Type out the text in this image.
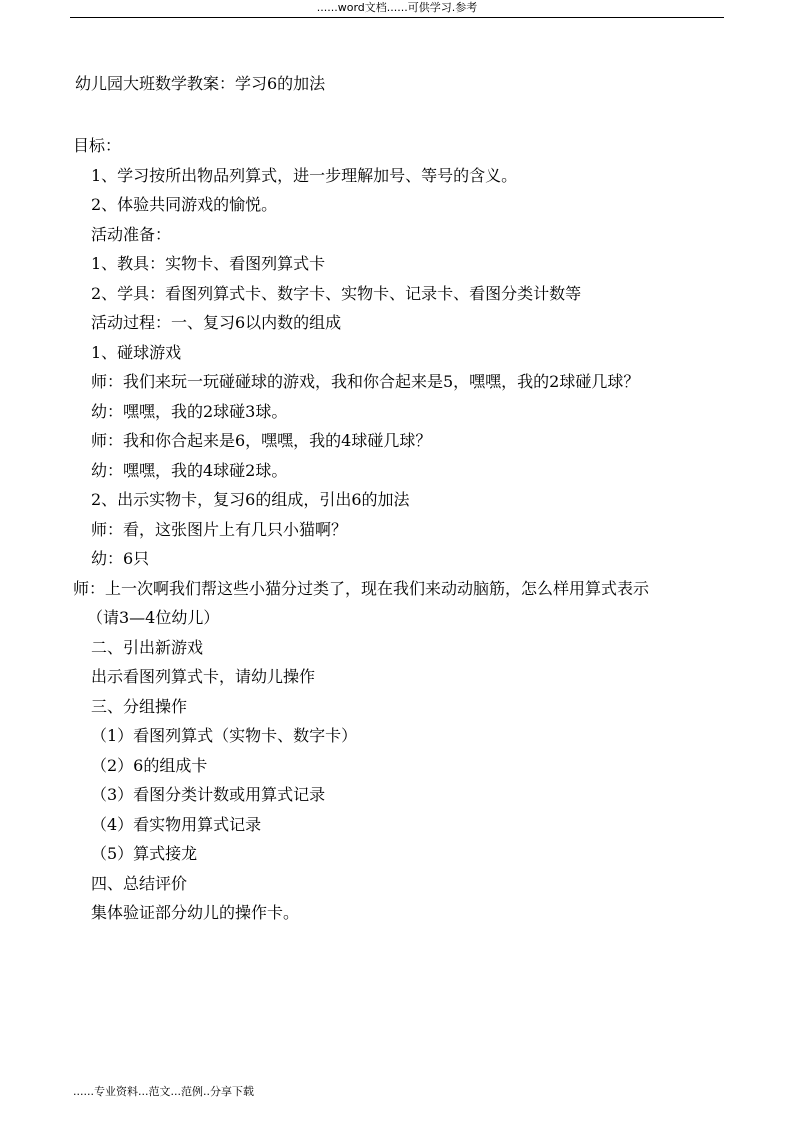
......word文档......可供学习.参考
幼儿园大班数学教案：学习6的加法
目标：
1、学习按所出物品列算式，进一步理解加号、等号的含义。
2、体验共同游戏的愉悦。
活动准备：
1、教具：实物卡、看图列算式卡
2、学具：看图列算式卡、数字卡、实物卡、记录卡、看图分类计数等
活动过程：一、复习6以内数的组成
1、碰球游戏
师：我们来玩一玩碰碰球的游戏，我和你合起来是5，嘿嘿，我的2球碰几球？
幼：嘿嘿，我的2球碰3球。
师：我和你合起来是6，嘿嘿，我的4球碰几球？
幼：嘿嘿，我的4球碰2球。
2、出示实物卡，复习6的组成，引出6的加法
师：看，这张图片上有几只小猫啊？
幼：6只
师：上一次啊我们帮这些小猫分过类了，现在我们来动动脑筋，怎么样用算式表示
（请3—4位幼儿）
二、引出新游戏
出示看图列算式卡，请幼儿操作
三、分组操作
（1）看图列算式（实物卡、数字卡）
（2）6的组成卡
（3）看图分类计数或用算式记录
（4）看实物用算式记录
（5）算式接龙
四、总结评价
集体验证部分幼儿的操作卡。
......专业资料...范文...范例..分享下载
